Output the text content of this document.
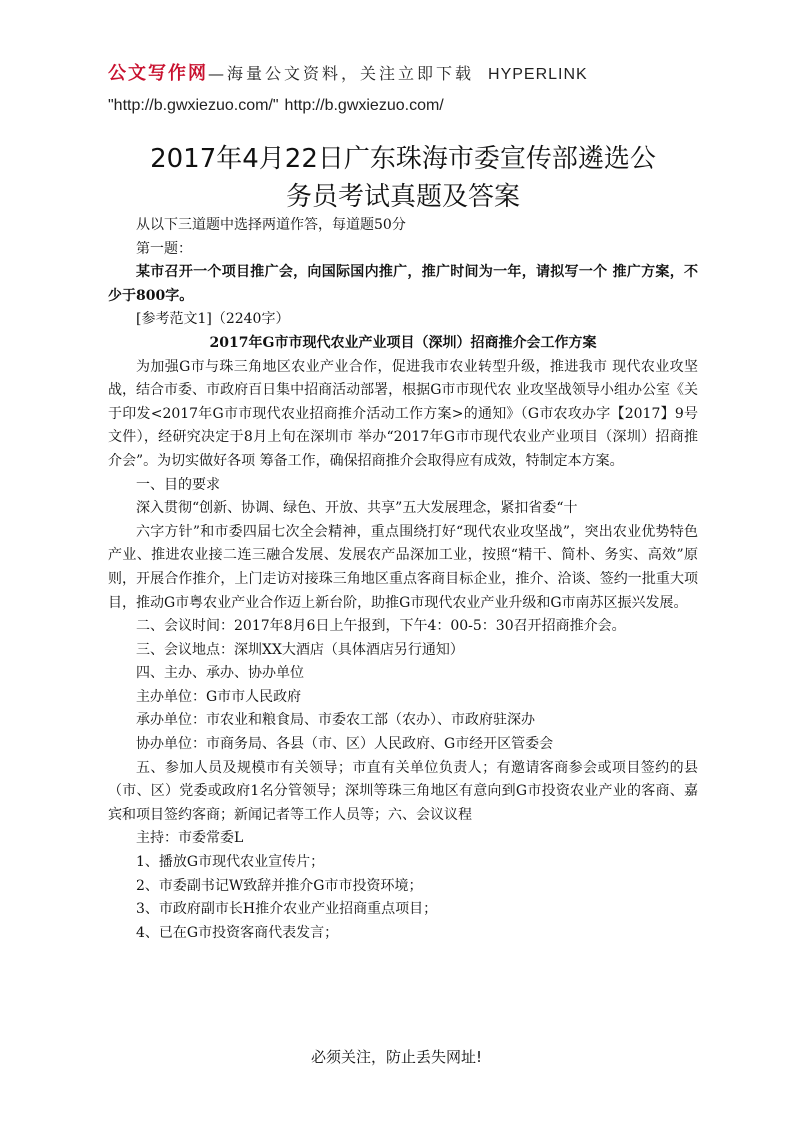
公文写作网—海量公文资料，关注立即下载 HYPERLINK
"http://b.gwxiezuo.com/" http://b.gwxiezuo.com/
2017年4月22日广东珠海市委宣传部遴选公
务员考试真题及答案

从以下三道题中选择两道作答，每道题50分

第一题：

某市召开一个项目推广会，向国际国内推广，推广时间为一年，请拟写一个 推广方案，不少于800字。

[参考范文1]（2240字）

2017年G市市现代农业产业项目（深圳）招商推介会工作方案

为加强G市与珠三角地区农业产业合作，促进我市农业转型升级，推进我市 现代农业攻坚战，结合市委、市政府百日集中招商活动部署，根据G市市现代农 业攻坚战领导小组办公室《关于印发<2017年G市市现代农业招商推介活动工作方案>的通知》（G市农攻办字【2017】9号文件），经研究决定于8月上旬在深圳市 举办“2017年G市市现代农业产业项目（深圳）招商推介会”。为切实做好各项 筹备工作，确保招商推介会取得应有成效，特制定本方案。

一、目的要求

深入贯彻“创新、协调、绿色、开放、共享”五大发展理念，紧扣省委“十

六字方针”和市委四届七次全会精神，重点围绕打好“现代农业攻坚战”，突出农业优势特色产业、推进农业接二连三融合发展、发展农产品深加工业，按照“精干、简朴、务实、高效”原则，开展合作推介，上门走访对接珠三角地区重点客商目标企业，推介、洽谈、签约一批重大项目，推动G市粤农业产业合作迈上新台阶，助推G市现代农业产业升级和G市南苏区振兴发展。

二、会议时间：2017年8月6日上午报到，下午4：00-5：30召开招商推介会。

三、会议地点：深圳XX大酒店（具体酒店另行通知）

四、主办、承办、协办单位

主办单位：G市市人民政府

承办单位：市农业和粮食局、市委农工部（农办）、市政府驻深办

协办单位：市商务局、各县（市、区）人民政府、G市经开区管委会

五、参加人员及规模市有关领导；市直有关单位负责人；有邀请客商参会或项目签约的县（市、区）党委或政府1名分管领导；深圳等珠三角地区有意向到G市投资农业产业的客商、嘉宾和项目签约客商；新闻记者等工作人员等；六、会议议程

主持：市委常委L

1、播放G市现代农业宣传片；

2、市委副书记W致辞并推介G市市投资环境；

3、市政府副市长H推介农业产业招商重点项目；

4、已在G市投资客商代表发言；

必须关注，防止丢失网址!
